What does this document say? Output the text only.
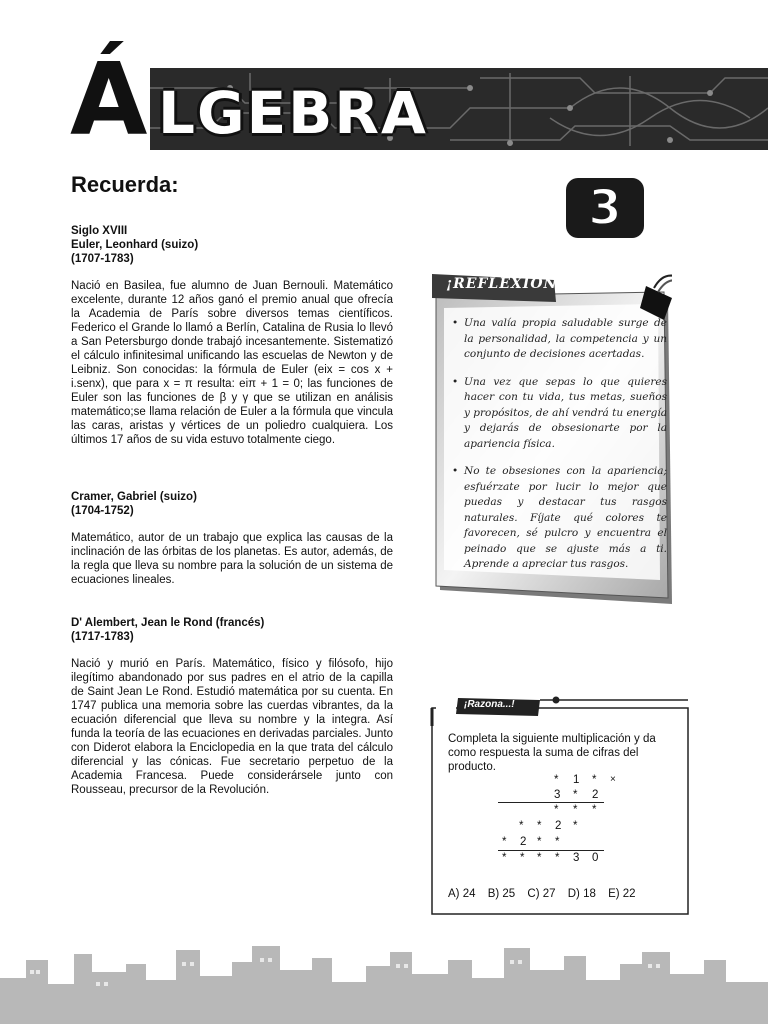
Á LGEBRA
Recuerda:	3
Siglo XVIII
Euler, Leonhard (suizo)
(1707-1783)

Nació en Basilea, fue alumno de Juan Bernouli. Matemático excelente, durante 12 años ganó el premio anual que ofrecía la Academia de París sobre diversos temas científicos. Federico el Grande lo llamó a Berlín, Catalina de Rusia lo llevó a San Petersburgo donde trabajó incesantemente. Sistematizó el cálculo infinitesimal unificando las escuelas de Newton y de Leibniz. Son conocidas: la fórmula de Euler (eix = cos x + i.senx), que para x = π resulta: eiπ + 1 = 0; las funciones de Euler son las funciones de β y γ que se utilizan en análisis matemático;se llama relación de Euler a la fórmula que vincula las caras, aristas y vértices de un poliedro cualquiera. Los últimos 17 años de su vida estuvo totalmente ciego.

Cramer, Gabriel (suizo)
(1704-1752)

Matemático, autor de un trabajo que explica las causas de la inclinación de las órbitas de los planetas. Es autor, además, de la regla que lleva su nombre para la solución de un sistema de ecuaciones lineales.

D' Alembert, Jean le Rond (francés)
(1717-1783)

Nació y murió en París. Matemático, físico y filósofo, hijo ilegítimo abandonado por sus padres en el atrio de la capilla de Saint Jean Le Rond. Estudió matemática por su cuenta. En 1747 publica una memoria sobre las cuerdas vibrantes, da la ecuación diferencial que lleva su nombre y la integra. Así funda la teoría de las ecuaciones en derivadas parciales. Junto con Diderot elabora la Enciclopedia en la que trata del cálculo diferencial y las cónicas. Fue secretario perpetuo de la Academia Francesa. Puede considerársele junto con Rousseau, precursor de la Revolución.

¡REFLEXIONA!
• Una valía propia saludable surge de la personalidad, la competencia y un conjunto de decisiones acertadas.
• Una vez que sepas lo que quieres hacer con tu vida, tus metas, sueños y propósitos, de ahí vendrá tu energía y dejarás de obsesionarte por la apariencia física.
• No te obsesiones con la apariencia; esfuérzate por lucir lo mejor que puedas y destacar tus rasgos naturales. Fíjate qué colores te favorecen, sé pulcro y encuentra el peinado que se ajuste más a ti. Aprende a apreciar tus rasgos.
¡Razona...!

Completa la siguiente multiplicación y da como respuesta la suma de cifras del producto.

* 1 * ×
3 * 2
* * *
* * 2 *
* 2 * *
* * * * 3 0
A) 24 B) 25 C) 27 D) 18 E) 22
